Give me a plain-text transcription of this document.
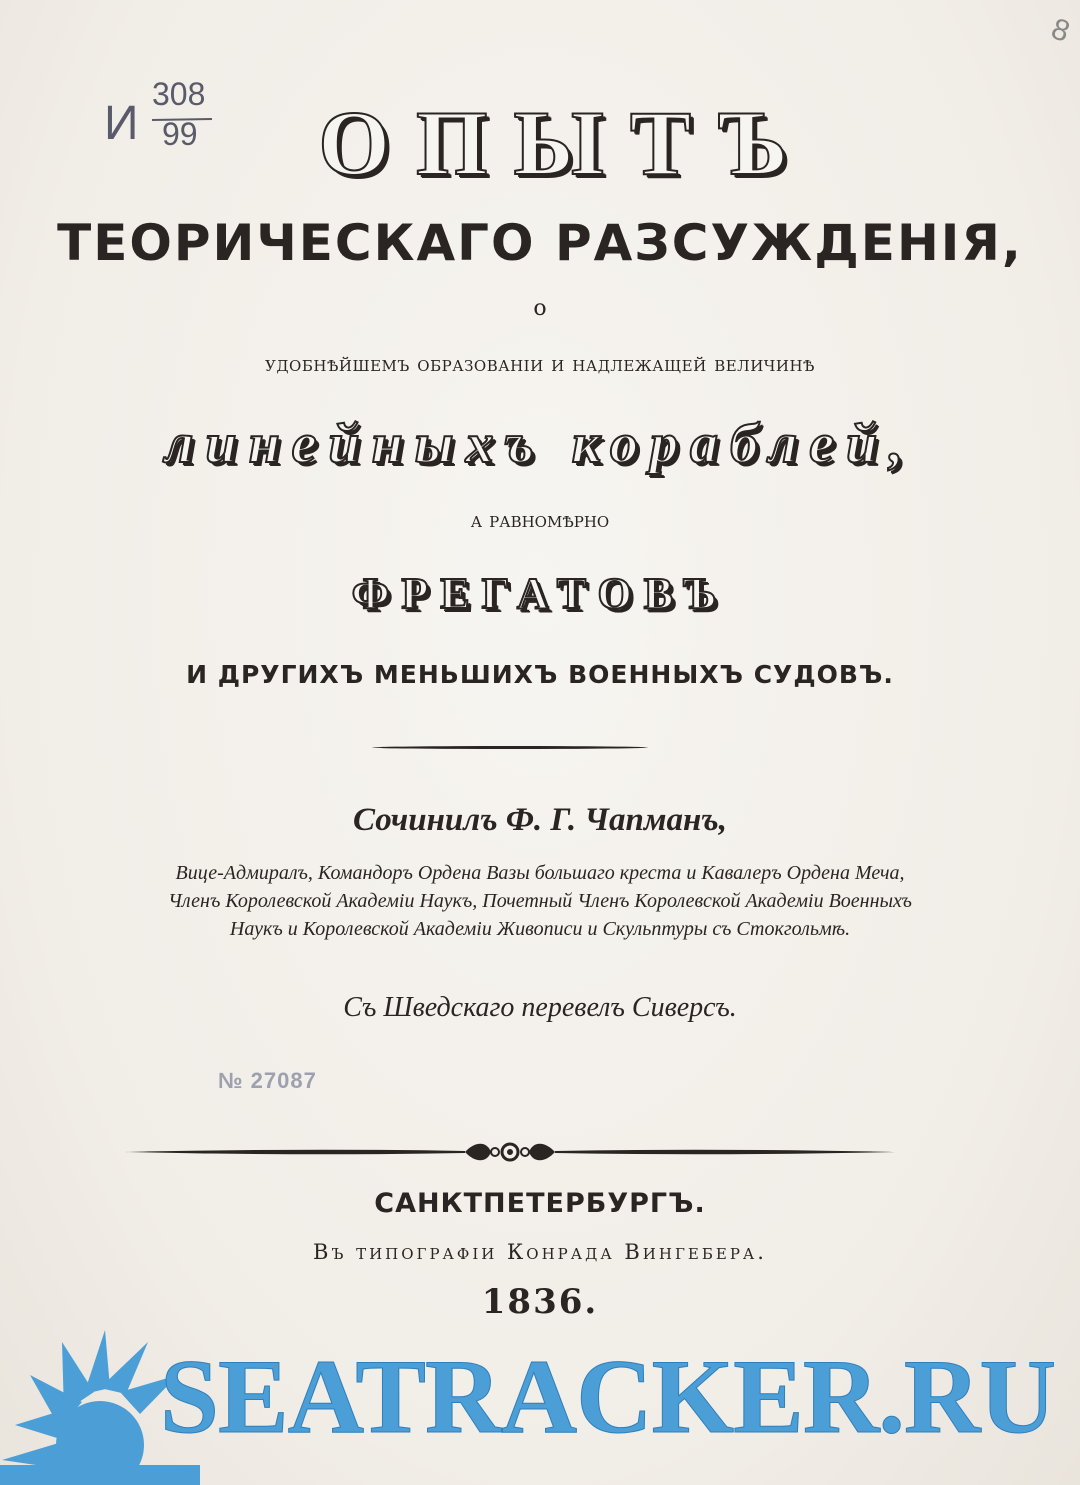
8
И
308
99	ОПЫТЪ
ТЕОРИЧЕСКАГО РАЗСУЖДЕНІЯ,
о
удобнѣйшемъ образованіи и надлежащей величинѣ
линейныхъ кораблей,
а равномѣрно
ФРЕГАТОВЪ
И ДРУГИХЪ МЕНЬШИХЪ ВОЕННЫХЪ СУДОВЪ.
Сочинилъ Ф. Г. Чапманъ,
Вице-Адмиралъ, Командоръ Ордена Вазы большаго креста и Кавалеръ Ордена Меча,
Членъ Королевской Академіи Наукъ, Почетный Членъ Королевской Академіи Военныхъ
Наукъ и Королевской Академіи Живописи и Скульптуры съ Стокгольмѣ.
Съ Шведскаго перевелъ Сиверсъ.
№ 27087
САНКТПЕТЕРБУРГЪ.
Въ типографіи Конрада Вингебера.
1836.
SEATRACKER.RU
